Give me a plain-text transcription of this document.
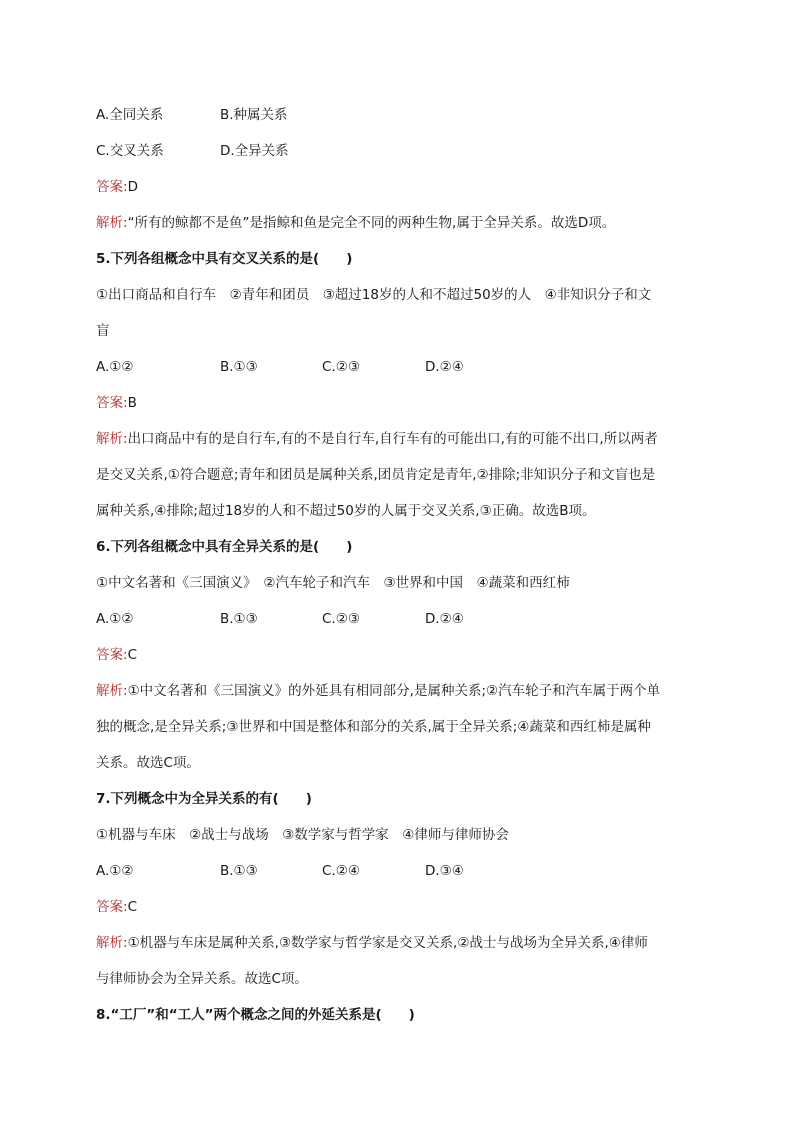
A.全同关系	B.种属关系
C.交叉关系	D.全异关系
答案:D
解析:“所有的鲸都不是鱼”是指鲸和鱼是完全不同的两种生物,属于全异关系。故选D项。
5.下列各组概念中具有交叉关系的是(　　)
①出口商品和自行车　②青年和团员　③超过18岁的人和不超过50岁的人　④非知识分子和文
盲
A.①②	B.①③	C.②③	D.②④
答案:B
解析:出口商品中有的是自行车,有的不是自行车,自行车有的可能出口,有的可能不出口,所以两者
是交叉关系,①符合题意;青年和团员是属种关系,团员肯定是青年,②排除;非知识分子和文盲也是
属种关系,④排除;超过18岁的人和不超过50岁的人属于交叉关系,③正确。故选B项。
6.下列各组概念中具有全异关系的是(　　)
①中文名著和《三国演义》　②汽车轮子和汽车　③世界和中国　④蔬菜和西红柿
A.①②	B.①③	C.②③	D.②④
答案:C
解析:①中文名著和《三国演义》的外延具有相同部分,是属种关系;②汽车轮子和汽车属于两个单
独的概念,是全异关系;③世界和中国是整体和部分的关系,属于全异关系;④蔬菜和西红柿是属种
关系。故选C项。
7.下列概念中为全异关系的有(　　)
①机器与车床　②战士与战场　③数学家与哲学家　④律师与律师协会
A.①②	B.①③	C.②④	D.③④
答案:C
解析:①机器与车床是属种关系,③数学家与哲学家是交叉关系,②战士与战场为全异关系,④律师
与律师协会为全异关系。故选C项。
8.“工厂”和“工人”两个概念之间的外延关系是(　　)
